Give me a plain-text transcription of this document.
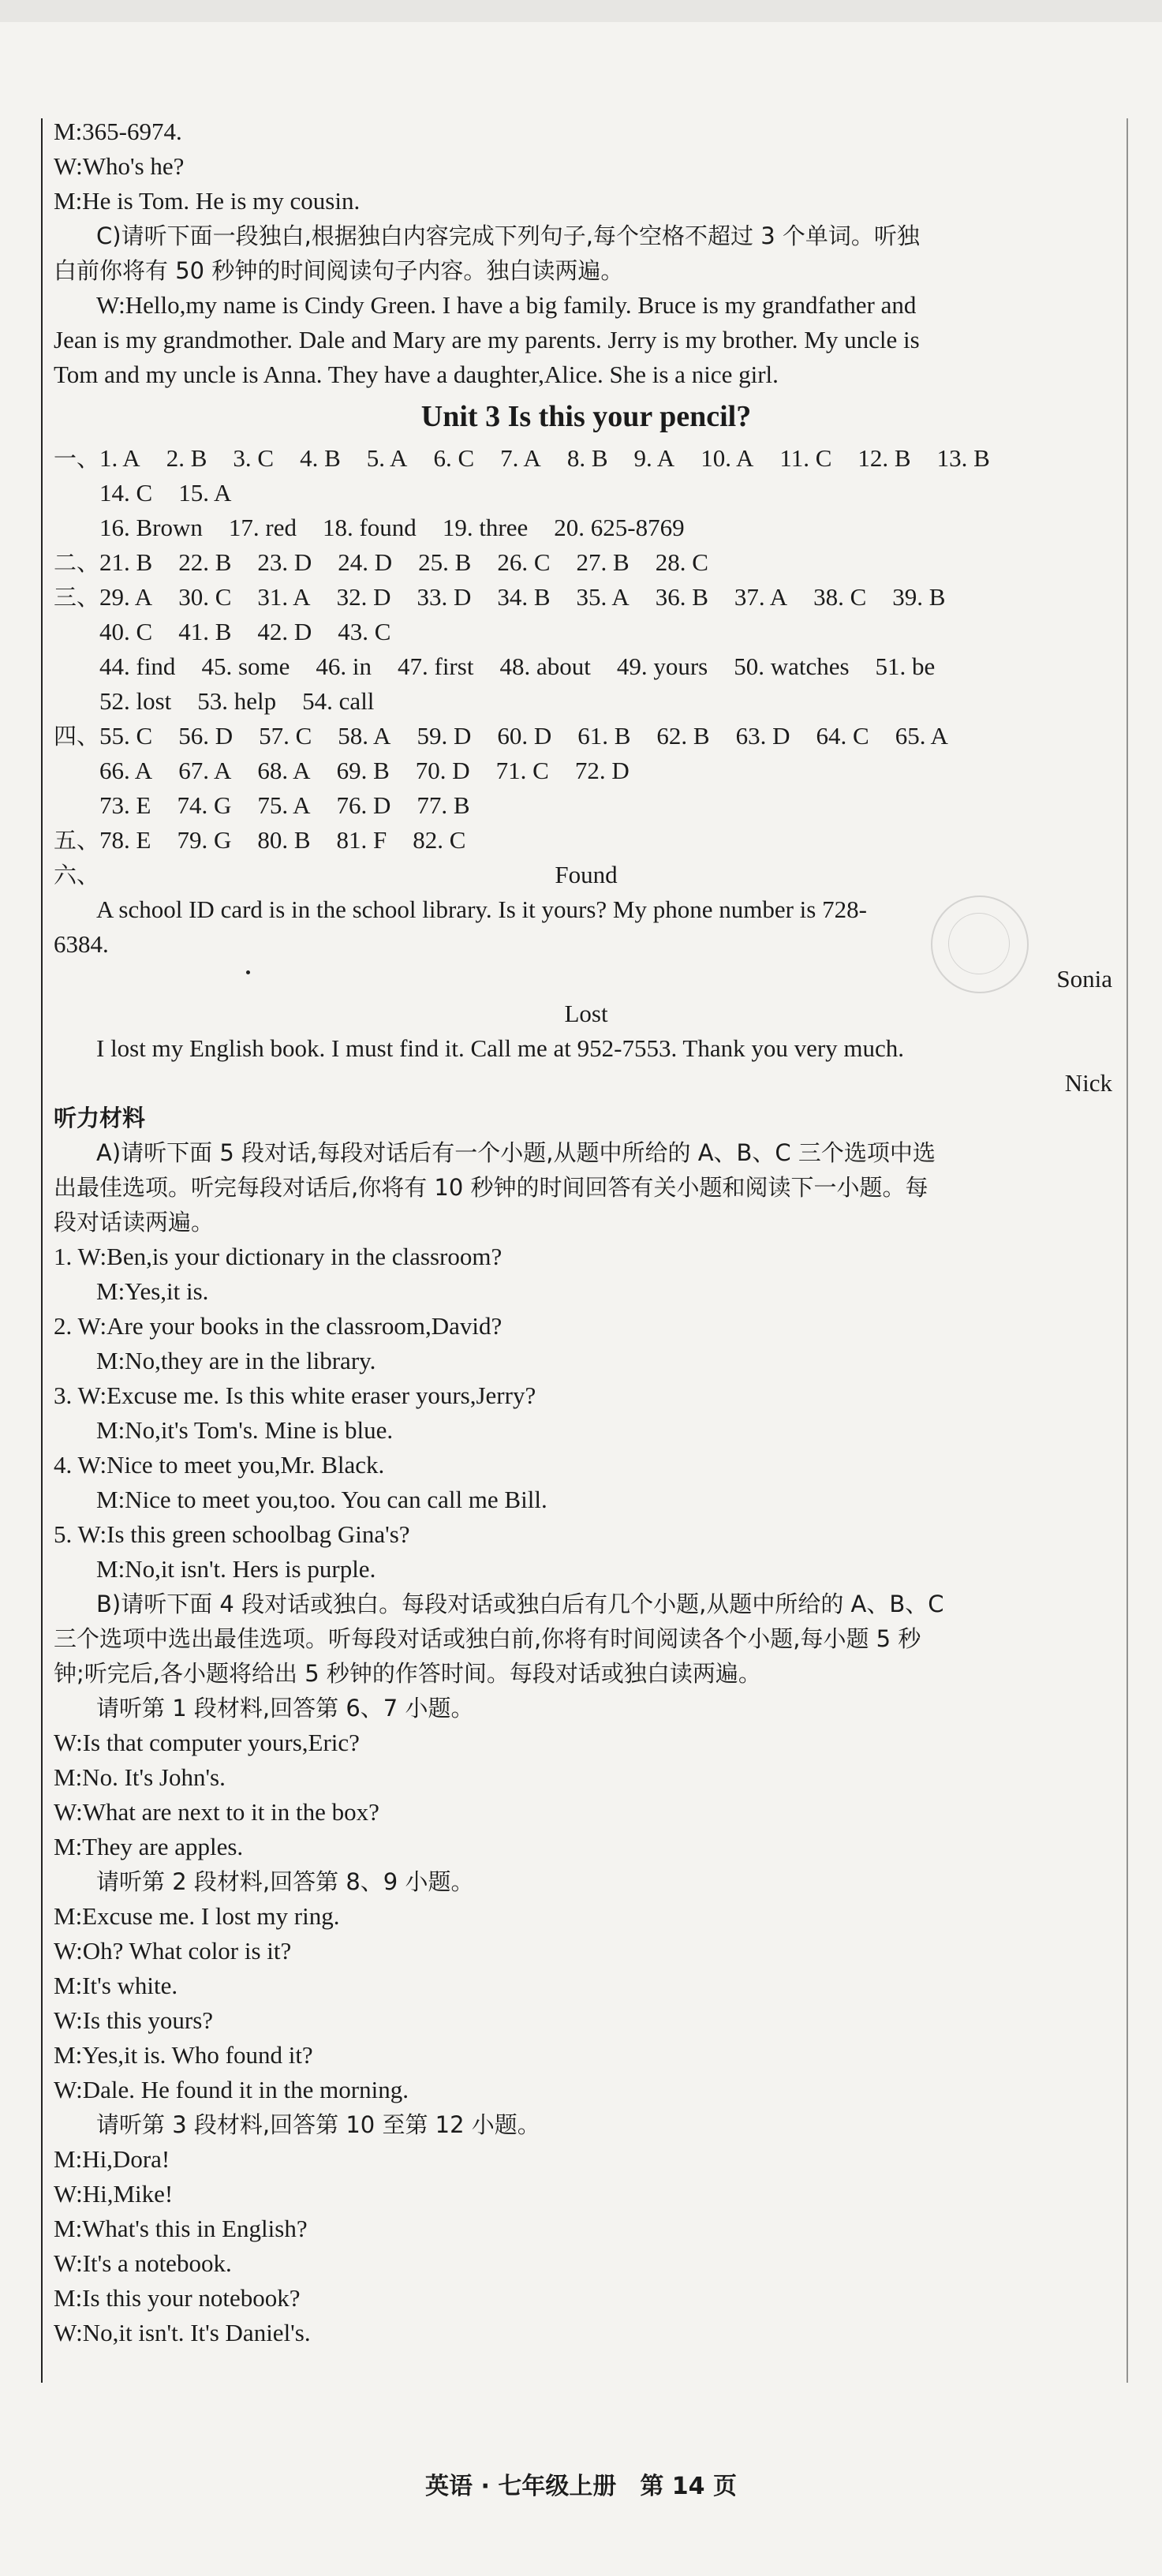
M:365-6974.
W:Who's he?
M:He is Tom. He is my cousin.
C)请听下面一段独白,根据独白内容完成下列句子,每个空格不超过 3 个单词。听独
白前你将有 50 秒钟的时间阅读句子内容。独白读两遍。
W:Hello,my name is Cindy Green. I have a big family. Bruce is my grandfather and
Jean is my grandmother. Dale and Mary are my parents. Jerry is my brother. My uncle is
Tom and my uncle is Anna. They have a daughter,Alice. She is a nice girl.
Unit 3 Is this your pencil?
一、 1. A 2. B 3. C 4. B 5. A 6. C 7. A 8. B 9. A 10. A 11. C 12. B 13. B
14. C 15. A
16. Brown 17. red 18. found 19. three 20. 625-8769
二、 21. B 22. B 23. D 24. D 25. B 26. C 27. B 28. C
三、 29. A 30. C 31. A 32. D 33. D 34. B 35. A 36. B 37. A 38. C 39. B
40. C 41. B 42. D 43. C
44. find 45. some 46. in 47. first 48. about 49. yours 50. watches 51. be
52. lost 53. help 54. call
四、 55. C 56. D 57. C 58. A 59. D 60. D 61. B 62. B 63. D 64. C 65. A
66. A 67. A 68. A 69. B 70. D 71. C 72. D
73. E 74. G 75. A 76. D 77. B
五、 78. E 79. G 80. B 81. F 82. C
六、	Found
A school ID card is in the school library. Is it yours? My phone number is 728-
6384.
Sonia
Lost
I lost my English book. I must find it. Call me at 952-7553. Thank you very much.
Nick
听力材料
A)请听下面 5 段对话,每段对话后有一个小题,从题中所给的 A、B、C 三个选项中选
出最佳选项。听完每段对话后,你将有 10 秒钟的时间回答有关小题和阅读下一小题。每
段对话读两遍。
1. W:Ben,is your dictionary in the classroom?
M:Yes,it is.
2. W:Are your books in the classroom,David?
M:No,they are in the library.
3. W:Excuse me. Is this white eraser yours,Jerry?
M:No,it's Tom's. Mine is blue.
4. W:Nice to meet you,Mr. Black.
M:Nice to meet you,too. You can call me Bill.
5. W:Is this green schoolbag Gina's?
M:No,it isn't. Hers is purple.
B)请听下面 4 段对话或独白。每段对话或独白后有几个小题,从题中所给的 A、B、C
三个选项中选出最佳选项。听每段对话或独白前,你将有时间阅读各个小题,每小题 5 秒
钟;听完后,各小题将给出 5 秒钟的作答时间。每段对话或独白读两遍。
请听第 1 段材料,回答第 6、7 小题。
W:Is that computer yours,Eric?
M:No. It's John's.
W:What are next to it in the box?
M:They are apples.
请听第 2 段材料,回答第 8、9 小题。
M:Excuse me. I lost my ring.
W:Oh? What color is it?
M:It's white.
W:Is this yours?
M:Yes,it is. Who found it?
W:Dale. He found it in the morning.
请听第 3 段材料,回答第 10 至第 12 小题。
M:Hi,Dora!
W:Hi,Mike!
M:What's this in English?
W:It's a notebook.
M:Is this your notebook?
W:No,it isn't. It's Daniel's.
英语 · 七年级上册　第 14 页
